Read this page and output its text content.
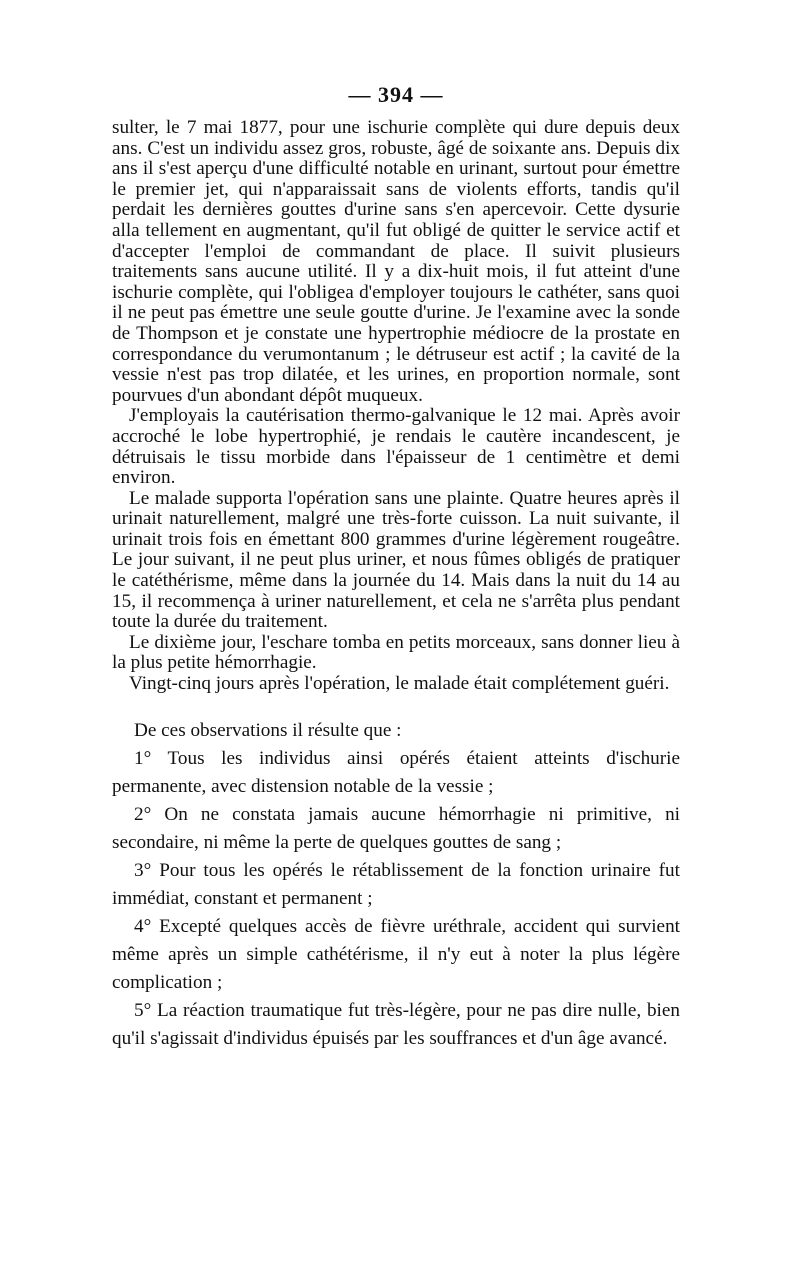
— 394 —

sulter, le 7 mai 1877, pour une ischurie complète qui dure depuis deux ans. C'est un individu assez gros, robuste, âgé de soixante ans. Depuis dix ans il s'est aperçu d'une difficulté notable en urinant, surtout pour émettre le premier jet, qui n'apparaissait sans de violents efforts, tandis qu'il perdait les dernières gouttes d'urine sans s'en apercevoir. Cette dysurie alla tellement en augmentant, qu'il fut obligé de quitter le service actif et d'accepter l'emploi de commandant de place. Il suivit plusieurs traitements sans aucune utilité. Il y a dix-huit mois, il fut atteint d'une ischurie complète, qui l'obligea d'employer toujours le cathéter, sans quoi il ne peut pas émettre une seule goutte d'urine. Je l'examine avec la sonde de Thompson et je constate une hypertrophie médiocre de la prostate en correspondance du verumontanum ; le détruseur est actif ; la cavité de la vessie n'est pas trop dilatée, et les urines, en proportion normale, sont pourvues d'un abondant dépôt muqueux.

J'employais la cautérisation thermo-galvanique le 12 mai. Après avoir accroché le lobe hypertrophié, je rendais le cautère incandescent, je détruisais le tissu morbide dans l'épaisseur de 1 centimètre et demi environ.

Le malade supporta l'opération sans une plainte. Quatre heures après il urinait naturellement, malgré une très-forte cuisson. La nuit suivante, il urinait trois fois en émettant 800 grammes d'urine légèrement rougeâtre. Le jour suivant, il ne peut plus uriner, et nous fûmes obligés de pratiquer le catéthérisme, même dans la journée du 14. Mais dans la nuit du 14 au 15, il recommença à uriner naturellement, et cela ne s'arrêta plus pendant toute la durée du traitement.

Le dixième jour, l'eschare tomba en petits morceaux, sans donner lieu à la plus petite hémorrhagie.

Vingt-cinq jours après l'opération, le malade était complétement guéri.

De ces observations il résulte que :

1° Tous les individus ainsi opérés étaient atteints d'ischurie permanente, avec distension notable de la vessie ;

2° On ne constata jamais aucune hémorrhagie ni primitive, ni secondaire, ni même la perte de quelques gouttes de sang ;

3° Pour tous les opérés le rétablissement de la fonction urinaire fut immédiat, constant et permanent ;

4° Excepté quelques accès de fièvre uréthrale, accident qui survient même après un simple cathétérisme, il n'y eut à noter la plus légère complication ;

5° La réaction traumatique fut très-légère, pour ne pas dire nulle, bien qu'il s'agissait d'individus épuisés par les souffrances et d'un âge avancé.
